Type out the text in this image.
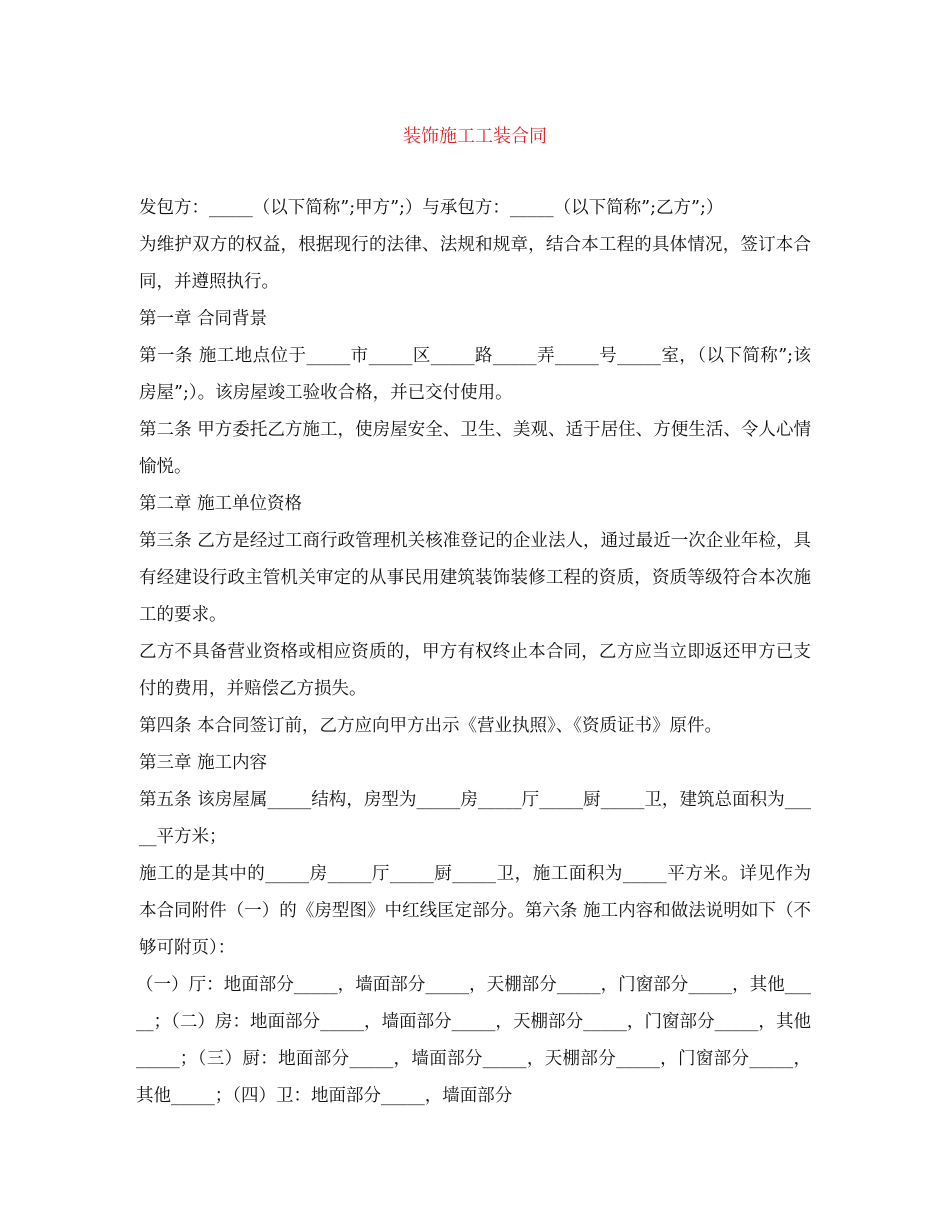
装饰施工工装合同

发包方：_____（以下简称”;甲方”;）与承包方：_____（以下简称”;乙方”;）

为维护双方的权益，根据现行的法律、法规和规章，结合本工程的具体情况，签订本合同，并遵照执行。

第一章 合同背景

第一条 施工地点位于_____市_____区_____路_____弄_____号_____室，（以下简称”;该房屋”;）。该房屋竣工验收合格，并已交付使用。

第二条 甲方委托乙方施工，使房屋安全、卫生、美观、适于居住、方便生活、令人心情愉悦。

第二章 施工单位资格

第三条 乙方是经过工商行政管理机关核准登记的企业法人，通过最近一次企业年检，具有经建设行政主管机关审定的从事民用建筑装饰装修工程的资质，资质等级符合本次施工的要求。

乙方不具备营业资格或相应资质的，甲方有权终止本合同，乙方应当立即返还甲方已支付的费用，并赔偿乙方损失。

第四条 本合同签订前，乙方应向甲方出示《营业执照》、《资质证书》原件。

第三章 施工内容

第五条 该房屋属_____结构，房型为_____房_____厅_____厨_____卫，建筑总面积为_____平方米；

施工的是其中的_____房_____厅_____厨_____卫，施工面积为_____平方米。详见作为本合同附件（一）的《房型图》中红线匡定部分。第六条 施工内容和做法说明如下（不够可附页）：

（一）厅：地面部分_____，墙面部分_____，天棚部分_____，门窗部分_____，其他_____；（二）房：地面部分_____，墙面部分_____，天棚部分_____，门窗部分_____，其他_____；（三）厨：地面部分_____，墙面部分_____，天棚部分_____，门窗部分_____，其他_____；（四）卫：地面部分_____，墙面部分
